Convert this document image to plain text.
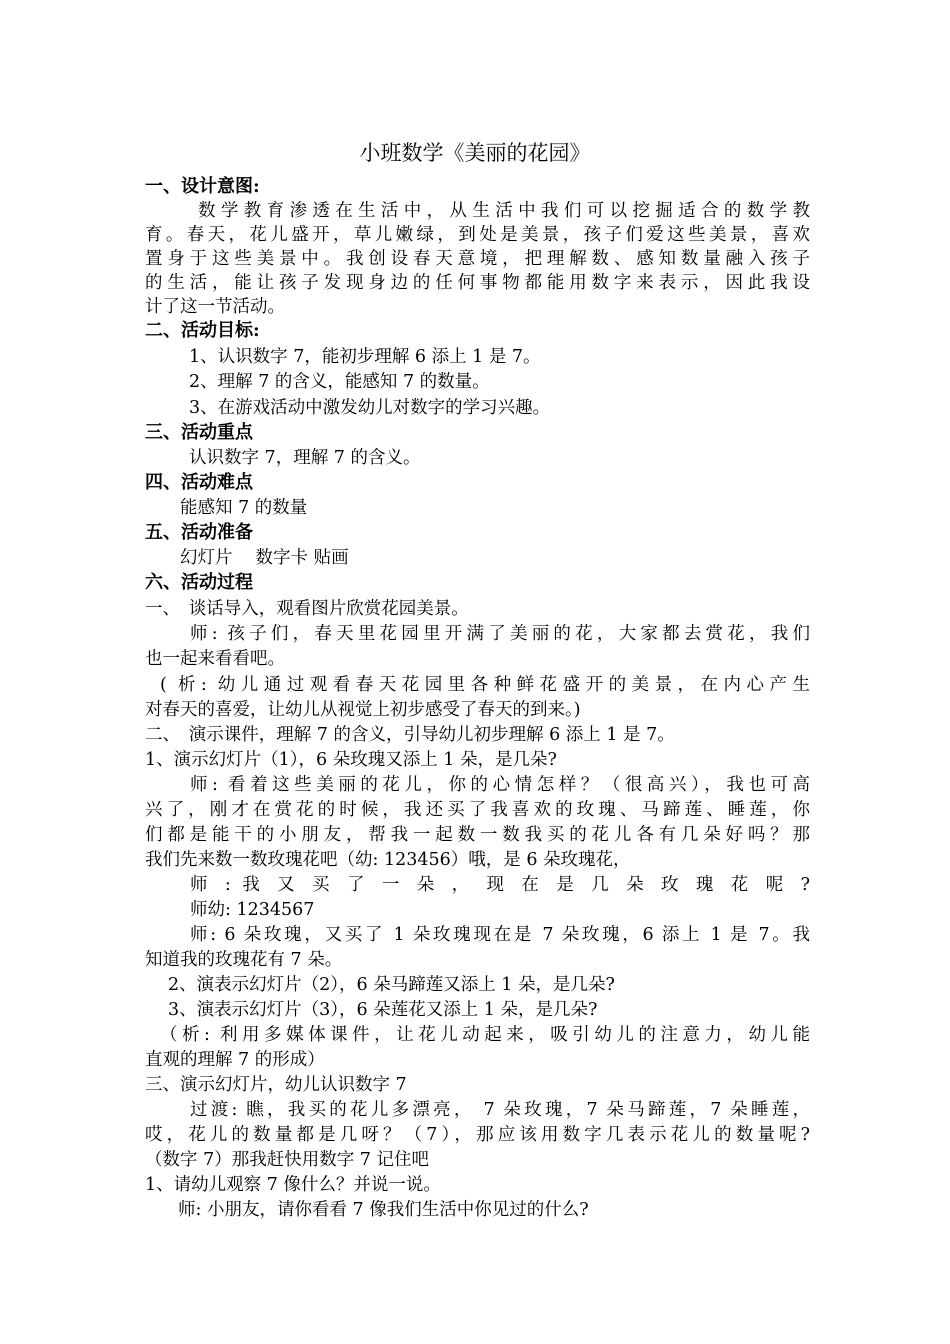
小班数学《美丽的花园》
一、设计意图:
数学教育渗透在生活中，从生活中我们可以挖掘适合的数学教
育。春天，花儿盛开，草儿嫩绿，到处是美景，孩子们爱这些美景，喜欢
置身于这些美景中。我创设春天意境，把理解数、感知数量融入孩子
的生活，能让孩子发现身边的任何事物都能用数字来表示，因此我设
计了这一节活动。
二、活动目标:
1、认识数字 7，能初步理解 6 添上 1 是 7。
2、理解 7 的含义，能感知 7 的数量。
3、在游戏活动中激发幼儿对数字的学习兴趣。
三、活动重点
认识数字 7，理解 7 的含义。
四、活动难点
能感知 7 的数量
五、活动准备
幻灯片　 数字卡 贴画
六、活动过程
一、　谈话导入，观看图片欣赏花园美景。
师: 孩子们，春天里花园里开满了美丽的花，大家都去赏花，我们
也一起来看看吧。
( 析: 幼儿通过观看春天花园里各种鲜花盛开的美景，在内心产生
对春天的喜爱，让幼儿从视觉上初步感受了春天的到来。)
二、　演示课件，理解 7 的含义，引导幼儿初步理解 6 添上 1 是 7。
1、演示幻灯片（1），6 朵玫瑰又添上 1 朵，是几朵?
师: 看着这些美丽的花儿，你的心情怎样？（很高兴），我也可高
兴了，刚才在赏花的时候，我还买了我喜欢的玫瑰、马蹄莲、睡莲，你
们都是能干的小朋友，帮我一起数一数我买的花儿各有几朵好吗？那
我们先来数一数玫瑰花吧（幼: 123456）哦，是 6 朵玫瑰花，
师 : 我 又 买 了 一 朵 ， 现 在 是 几 朵 玫 瑰 花 呢 ?
师幼: 1234567
师: 6 朵玫瑰，又买了 1 朵玫瑰现在是 7 朵玫瑰，6 添上 1 是 7。我
知道我的玫瑰花有 7 朵。
2、演表示幻灯片（2），6 朵马蹄莲又添上 1 朵，是几朵?
3、演表示幻灯片（3），6 朵莲花又添上 1 朵，是几朵?
（析: 利用多媒体课件，让花儿动起来，吸引幼儿的注意力，幼儿能
直观的理解 7 的形成）
三、演示幻灯片，幼儿认识数字 7
过渡: 瞧，我买的花儿多漂亮， 7 朵玫瑰，7 朵马蹄莲，7 朵睡莲，
哎，花儿的数量都是几呀？（7），那应该用数字几表示花儿的数量呢?
（数字 7）那我赶快用数字 7 记住吧
1、请幼儿观察 7 像什么？并说一说。
师: 小朋友，请你看看 7 像我们生活中你见过的什么?
